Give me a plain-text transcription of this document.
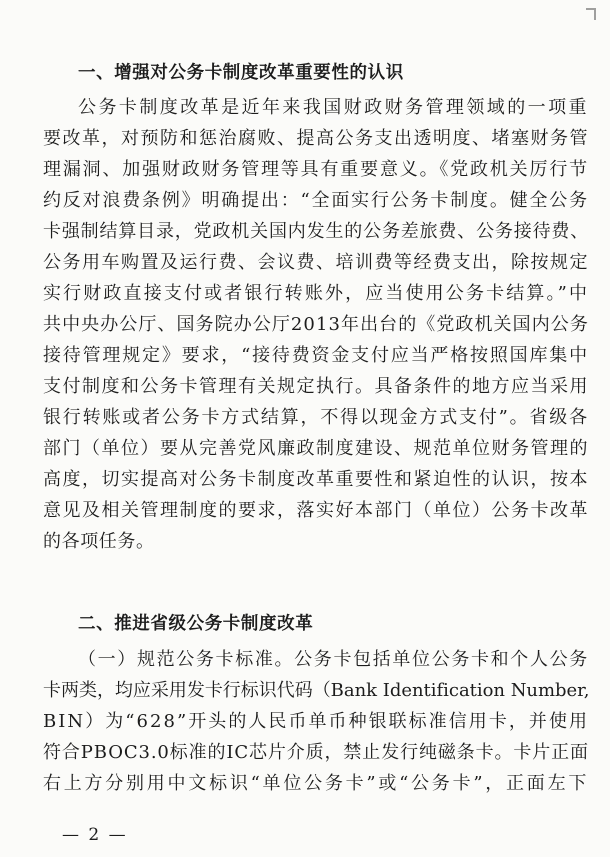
一、增强对公务卡制度改革重要性的认识
公务卡制度改革是近年来我国财政财务管理领域的一项重
要改革，对预防和惩治腐败、提高公务支出透明度、堵塞财务管
理漏洞、加强财政财务管理等具有重要意义。《党政机关厉行节
约反对浪费条例》明确提出：“全面实行公务卡制度。健全公务
卡强制结算目录，党政机关国内发生的公务差旅费、公务接待费、
公务用车购置及运行费、会议费、培训费等经费支出，除按规定
实行财政直接支付或者银行转账外，应当使用公务卡结算。”中
共中央办公厅、国务院办公厅2013年出台的《党政机关国内公务
接待管理规定》要求，“接待费资金支付应当严格按照国库集中
支付制度和公务卡管理有关规定执行。具备条件的地方应当采用
银行转账或者公务卡方式结算，不得以现金方式支付”。省级各
部门（单位）要从完善党风廉政制度建设、规范单位财务管理的
高度，切实提高对公务卡制度改革重要性和紧迫性的认识，按本
意见及相关管理制度的要求，落实好本部门（单位）公务卡改革
的各项任务。
二、推进省级公务卡制度改革
（一）规范公务卡标准。公务卡包括单位公务卡和个人公务
卡两类，均应采用发卡行标识代码（Bank Identification Number,
BIN）为“628”开头的人民币单币种银联标准信用卡，并使用
符合PBOC3.0标准的IC芯片介质，禁止发行纯磁条卡。卡片正面
右上方分别用中文标识“单位公务卡”或“公务卡”，正面左下
— 2 —
